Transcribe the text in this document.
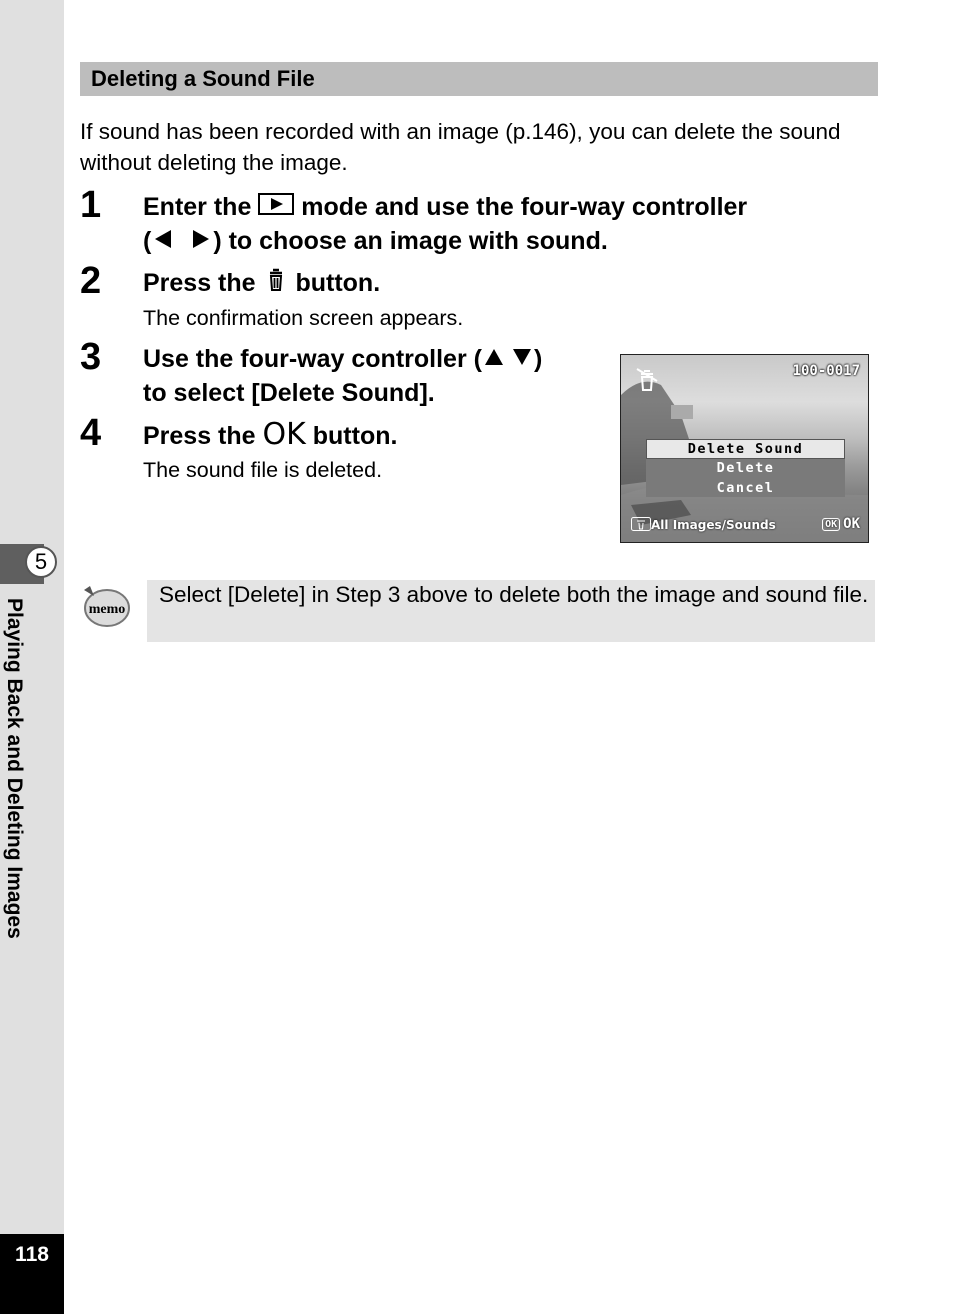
5
Playing Back and Deleting Images
118
Deleting a Sound File
If sound has been recorded with an image (p.146), you can delete the sound without deleting the image.
1 Enter the mode and use the four-way controller
( ) to choose an image with sound.
2 Press the button.
The confirmation screen appears.
3 Use the four-way controller ( )
to select [Delete Sound].
4 Press the OK button.
The sound file is deleted.
100-0017
Delete Sound
Delete
Cancel
All Images/Sounds	OK OK
memo
Select [Delete] in Step 3 above to delete both the image and sound file.
